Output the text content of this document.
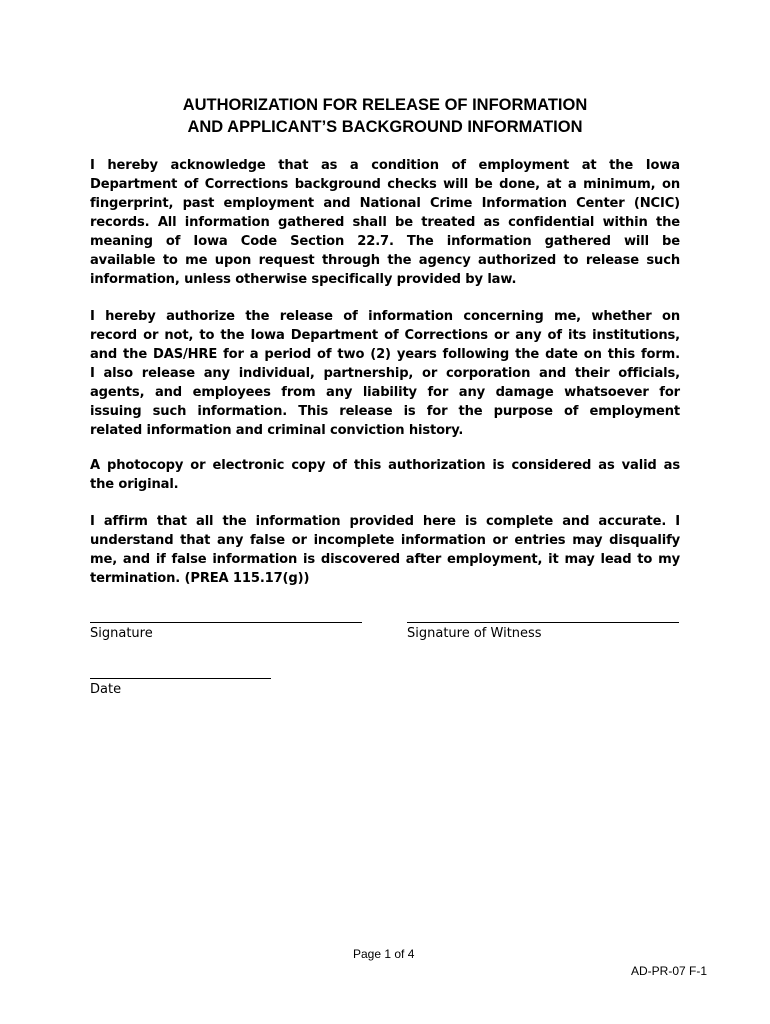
AUTHORIZATION FOR RELEASE OF INFORMATION
AND APPLICANT’S BACKGROUND INFORMATION

I hereby acknowledge that as a condition of employment at the Iowa
Department of Corrections background checks will be done, at a minimum, on
fingerprint, past employment and National Crime Information Center (NCIC)
records. All information gathered shall be treated as confidential within the
meaning of Iowa Code Section 22.7. The information gathered will be
available to me upon request through the agency authorized to release such
information, unless otherwise specifically provided by law.

I hereby authorize the release of information concerning me, whether on
record or not, to the Iowa Department of Corrections or any of its institutions,
and the DAS/HRE for a period of two (2) years following the date on this form.
I also release any individual, partnership, or corporation and their officials,
agents, and employees from any liability for any damage whatsoever for
issuing such information. This release is for the purpose of employment
related information and criminal conviction history.

A photocopy or electronic copy of this authorization is considered as valid as
the original.

I affirm that all the information provided here is complete and accurate. I
understand that any false or incomplete information or entries may disqualify
me, and if false information is discovered after employment, it may lead to my
termination. (PREA 115.17(g))

Signature	Signature of Witness
Date
Page 1 of 4
AD-PR-07 F-1
